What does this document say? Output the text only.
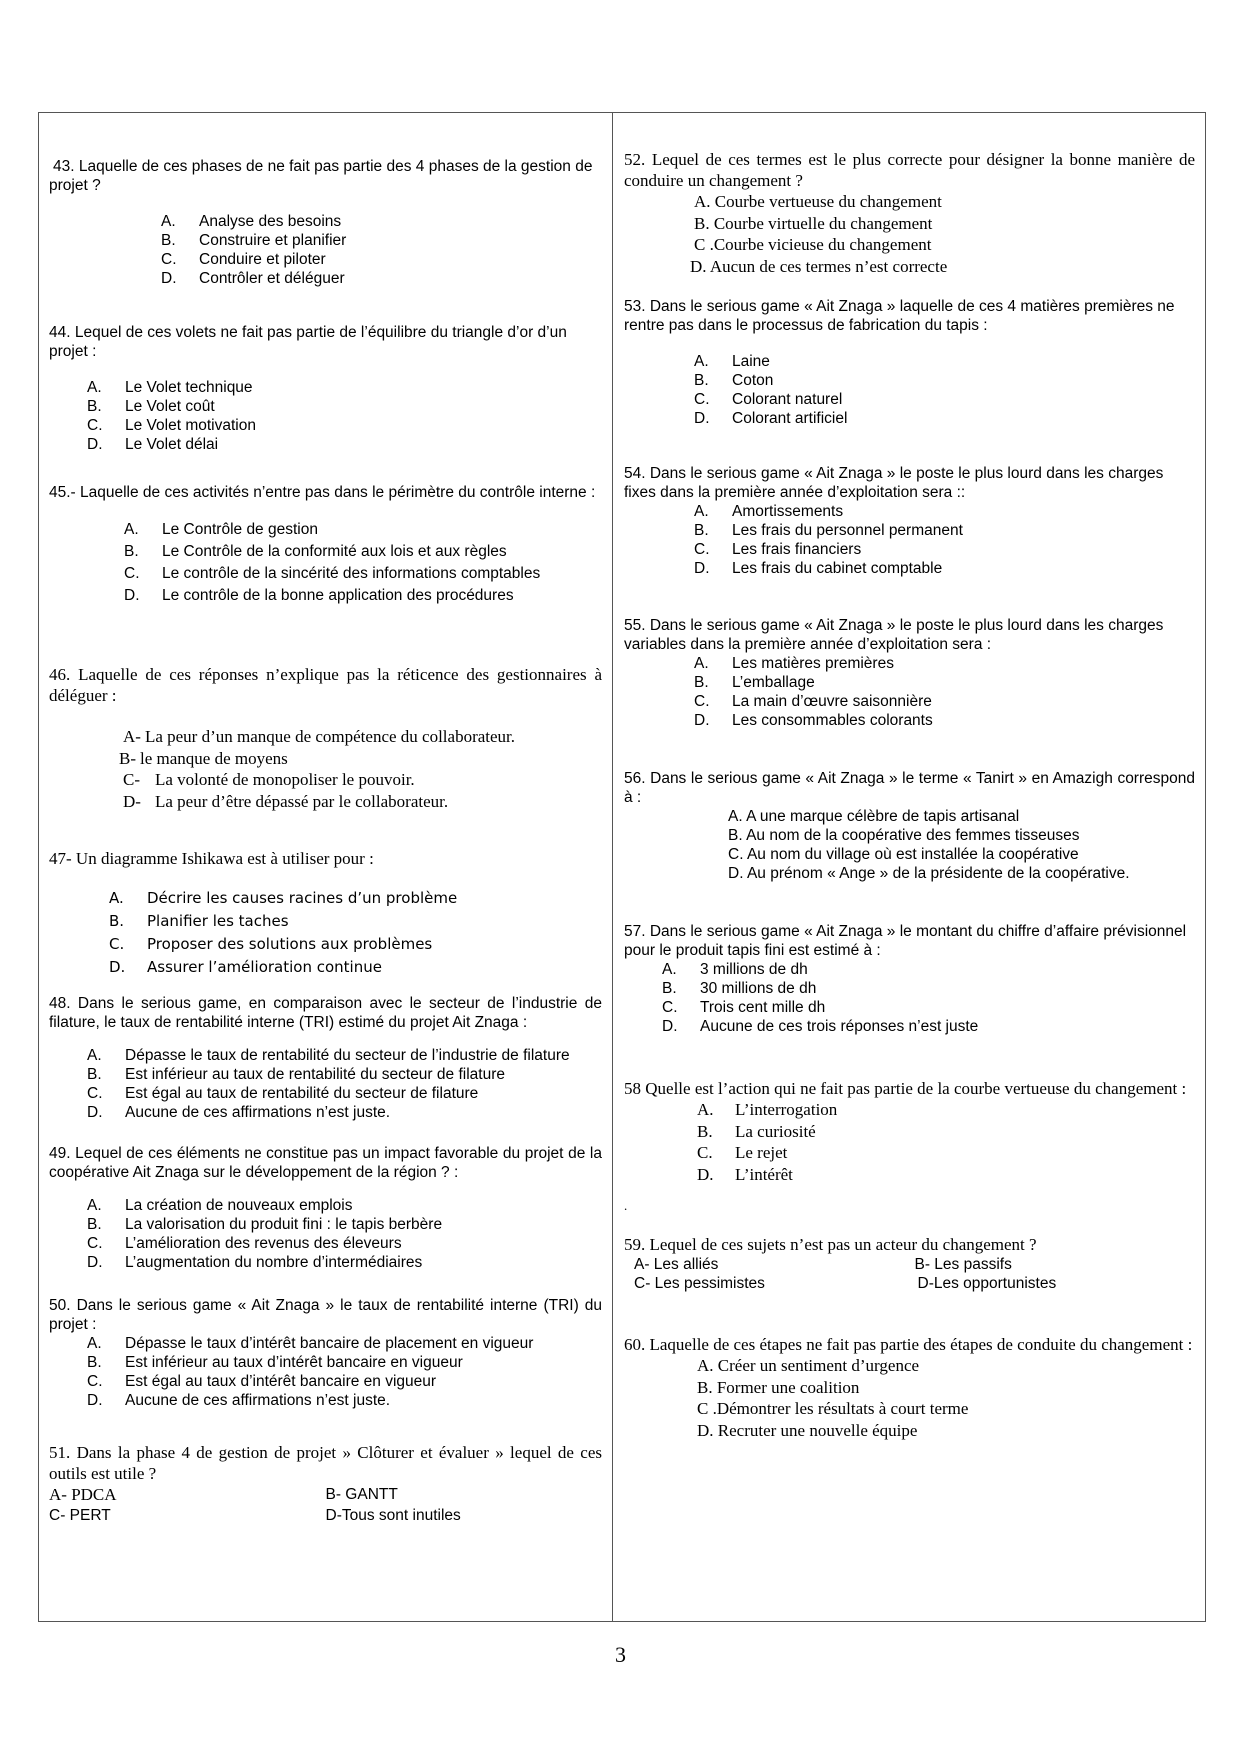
43. Laquelle de ces phases de ne fait pas partie des 4 phases de la gestion de projet ?

A.	Analyse des besoins
B.	Construire et planifier
C.	Conduire et piloter
D.	Contrôler et déléguer

44. Lequel de ces volets ne fait pas partie de l’équilibre du triangle d’or d’un projet :

A.	Le Volet technique
B.	Le Volet coût
C.	Le Volet motivation
D.	Le Volet délai

45.- Laquelle de ces activités n’entre pas dans le périmètre du contrôle interne :

A.	Le Contrôle de gestion
B.	Le Contrôle de la conformité aux lois et aux règles
C.	Le contrôle de la sincérité des informations comptables
D.	Le contrôle de la bonne application des procédures

46. Laquelle de ces réponses n’explique pas la réticence des gestionnaires à déléguer :

A- La peur d’un manque de compétence du collaborateur.
B- le manque de moyens
C- La volonté de monopoliser le pouvoir.
D- La peur d’être dépassé par le collaborateur.

47- Un diagramme Ishikawa est à utiliser pour :

A.	Décrire les causes racines d’un problème
B.	Planifier les taches
C.	Proposer des solutions aux problèmes
D.	Assurer l’amélioration continue

48. Dans le serious game, en comparaison avec le secteur de l’industrie de filature, le taux de rentabilité interne (TRI) estimé du projet Ait Znaga :

A.	Dépasse le taux de rentabilité du secteur de l’industrie de filature
B.	Est inférieur au taux de rentabilité du secteur de filature
C.	Est égal au taux de rentabilité du secteur de filature
D.	Aucune de ces affirmations n’est juste.

49. Lequel de ces éléments ne constitue pas un impact favorable du projet de la coopérative Ait Znaga sur le développement de la région ? :

A.	La création de nouveaux emplois
B.	La valorisation du produit fini : le tapis berbère
C.	L’amélioration des revenus des éleveurs
D.	L’augmentation du nombre d’intermédiaires

50. Dans le serious game « Ait Znaga » le taux de rentabilité interne (TRI) du projet :

A.	Dépasse le taux d’intérêt bancaire de placement en vigueur
B.	Est inférieur au taux d’intérêt bancaire en vigueur
C.	Est égal au taux d’intérêt bancaire en vigueur
D.	Aucune de ces affirmations n’est juste.

51. Dans la phase 4 de gestion de projet » Clôturer et évaluer » lequel de ces outils est utile ?

A- PDCA	B- GANTT
C- PERT	D-Tous sont inutiles

52. Lequel de ces termes est le plus correcte pour désigner la bonne manière de conduire un changement ?

A. Courbe vertueuse du changement
B. Courbe virtuelle du changement
C .Courbe vicieuse du changement
D. Aucun de ces termes n’est correcte

53. Dans le serious game « Ait Znaga » laquelle de ces 4 matières premières ne rentre pas dans le processus de fabrication du tapis :

A.	Laine
B.	Coton
C.	Colorant naturel
D.	Colorant artificiel

54. Dans le serious game « Ait Znaga » le poste le plus lourd dans les charges fixes dans la première année d’exploitation sera ::

A.	Amortissements
B.	Les frais du personnel permanent
C.	Les frais financiers
D.	Les frais du cabinet comptable

55. Dans le serious game « Ait Znaga » le poste le plus lourd dans les charges variables dans la première année d’exploitation sera :

A.	Les matières premières
B.	L’emballage
C.	La main d’œuvre saisonnière
D.	Les consommables colorants

56. Dans le serious game « Ait Znaga » le terme « Tanirt » en Amazigh correspond à :

A. A une marque célèbre de tapis artisanal
B. Au nom de la coopérative des femmes tisseuses
C. Au nom du village où est installée la coopérative
D. Au prénom « Ange » de la présidente de la coopérative.

57. Dans le serious game « Ait Znaga » le montant du chiffre d’affaire prévisionnel pour le produit tapis fini est estimé à :

A.	3 millions de dh
B.	30 millions de dh
C.	Trois cent mille dh
D.	Aucune de ces trois réponses n’est juste

58 Quelle est l’action qui ne fait pas partie de la courbe vertueuse du changement :

A.	L’interrogation
B.	La curiosité
C.	Le rejet
D.	L’intérêt
.

59. Lequel de ces sujets n’est pas un acteur du changement ?

A- Les alliés	B- Les passifs
C- Les pessimistes	D-Les opportunistes

60. Laquelle de ces étapes ne fait pas partie des étapes de conduite du changement :

A. Créer un sentiment d’urgence
B. Former une coalition
C .Démontrer les résultats à court terme
D. Recruter une nouvelle équipe
3
